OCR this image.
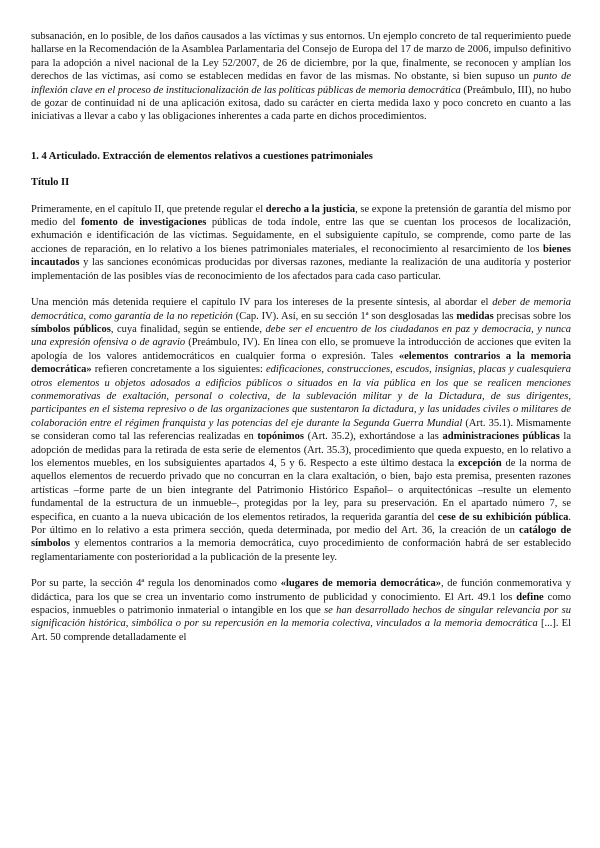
subsanación, en lo posible, de los daños causados a las víctimas y sus entornos. Un ejemplo concreto de tal requerimiento puede hallarse en la Recomendación de la Asamblea Parlamentaria del Consejo de Europa del 17 de marzo de 2006, impulso definitivo para la adopción a nivel nacional de la Ley 52/2007, de 26 de diciembre, por la que, finalmente, se reconocen y amplían los derechos de las víctimas, así como se establecen medidas en favor de las mismas. No obstante, si bien supuso un punto de inflexión clave en el proceso de institucionalización de las políticas públicas de memoria democrática (Preámbulo, III), no hubo de gozar de continuidad ni de una aplicación exitosa, dado su carácter en cierta medida laxo y poco concreto en cuanto a las iniciativas a llevar a cabo y las obligaciones inherentes a cada parte en dichos procedimientos.

1. 4 Articulado. Extracción de elementos relativos a cuestiones patrimoniales
Título II

Primeramente, en el capítulo II, que pretende regular el derecho a la justicia, se expone la pretensión de garantía del mismo por medio del fomento de investigaciones públicas de toda índole, entre las que se cuentan los procesos de localización, exhumación e identificación de las víctimas. Seguidamente, en el subsiguiente capítulo, se comprende, como parte de las acciones de reparación, en lo relativo a los bienes patrimoniales materiales, el reconocimiento al resarcimiento de los bienes incautados y las sanciones económicas producidas por diversas razones, mediante la realización de una auditoría y posterior implementación de las posibles vías de reconocimiento de los afectados para cada caso particular.

Una mención más detenida requiere el capítulo IV para los intereses de la presente síntesis, al abordar el deber de memoria democrática, como garantía de la no repetición (Cap. IV). Así, en su sección 1ª son desglosadas las medidas precisas sobre los símbolos públicos, cuya finalidad, según se entiende, debe ser el encuentro de los ciudadanos en paz y democracia, y nunca una expresión ofensiva o de agravio (Preámbulo, IV). En línea con ello, se promueve la introducción de acciones que eviten la apología de los valores antidemocráticos en cualquier forma o expresión. Tales «elementos contrarios a la memoria democrática» refieren concretamente a los siguientes: edificaciones, construcciones, escudos, insignias, placas y cualesquiera otros elementos u objetos adosados a edificios públicos o situados en la vía pública en los que se realicen menciones conmemorativas de exaltación, personal o colectiva, de la sublevación militar y de la Dictadura, de sus dirigentes, participantes en el sistema represivo o de las organizaciones que sustentaron la dictadura, y las unidades civiles o militares de colaboración entre el régimen franquista y las potencias del eje durante la Segunda Guerra Mundial (Art. 35.1). Mismamente se consideran como tal las referencias realizadas en topónimos (Art. 35.2), exhortándose a las administraciones públicas la adopción de medidas para la retirada de esta serie de elementos (Art. 35.3), procedimiento que queda expuesto, en lo relativo a los elementos muebles, en los subsiguientes apartados 4, 5 y 6. Respecto a este último destaca la excepción de la norma de aquellos elementos de recuerdo privado que no concurran en la clara exaltación, o bien, bajo esta premisa, presenten razones artísticas –forme parte de un bien integrante del Patrimonio Histórico Español– o arquitectónicas –resulte un elemento fundamental de la estructura de un inmueble–, protegidas por la ley, para su preservación. En el apartado número 7, se especifica, en cuanto a la nueva ubicación de los elementos retirados, la requerida garantía del cese de su exhibición pública. Por último en lo relativo a esta primera sección, queda determinada, por medio del Art. 36, la creación de un catálogo de símbolos y elementos contrarios a la memoria democrática, cuyo procedimiento de conformación habrá de ser establecido reglamentariamente con posterioridad a la publicación de la presente ley.

Por su parte, la sección 4ª regula los denominados como «lugares de memoria democrática», de función conmemorativa y didáctica, para los que se crea un inventario como instrumento de publicidad y conocimiento. El Art. 49.1 los define como espacios, inmuebles o patrimonio inmaterial o intangible en los que se han desarrollado hechos de singular relevancia por su significación histórica, simbólica o por su repercusión en la memoria colectiva, vinculados a la memoria democrática [...]. El Art. 50 comprende detalladamente el
